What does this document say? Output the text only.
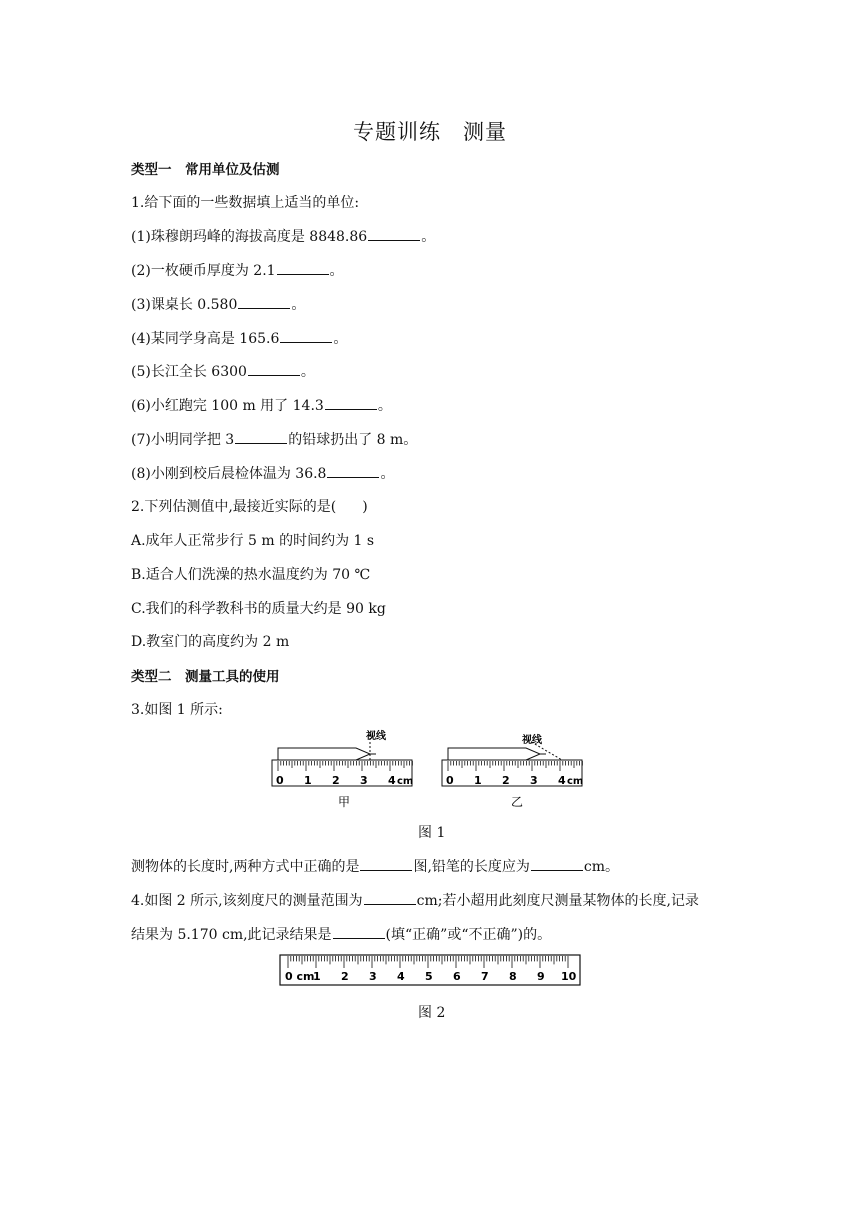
专题训练　测量
类型一　常用单位及估测
1.给下面的一些数据填上适当的单位:
(1)珠穆朗玛峰的海拔高度是 8848.86	。
(2)一枚硬币厚度为 2.1	。
(3)课桌长 0.580	。
(4)某同学身高是 165.6	。
(5)长江全长 6300	。
(6)小红跑完 100 m 用了 14.3	。
(7)小明同学把 3	的铅球扔出了 8 m。
(8)小刚到校后晨检体温为 36.8	。
2.下列估测值中,最接近实际的是( )
A.成年人正常步行 5 m 的时间约为 1 s
B.适合人们洗澡的热水温度约为 70 ℃
C.我们的科学教科书的质量大约是 90 kg
D.教室门的高度约为 2 m
类型二　测量工具的使用
3.如图 1 所示:
视线
0 1 2 3 4 cm
甲
视线
0 1 2 3 4 cm
乙
图 1
测物体的长度时,两种方式中正确的是	图,铅笔的长度应为	cm。
4.如图 2 所示,该刻度尺的测量范围为	cm;若小超用此刻度尺测量某物体的长度,记录
结果为 5.170 cm,此记录结果是	(填“正确”或“不正确”)的。
0 cm
1 2 3 4 5 6 7 8 9 10
图 2
